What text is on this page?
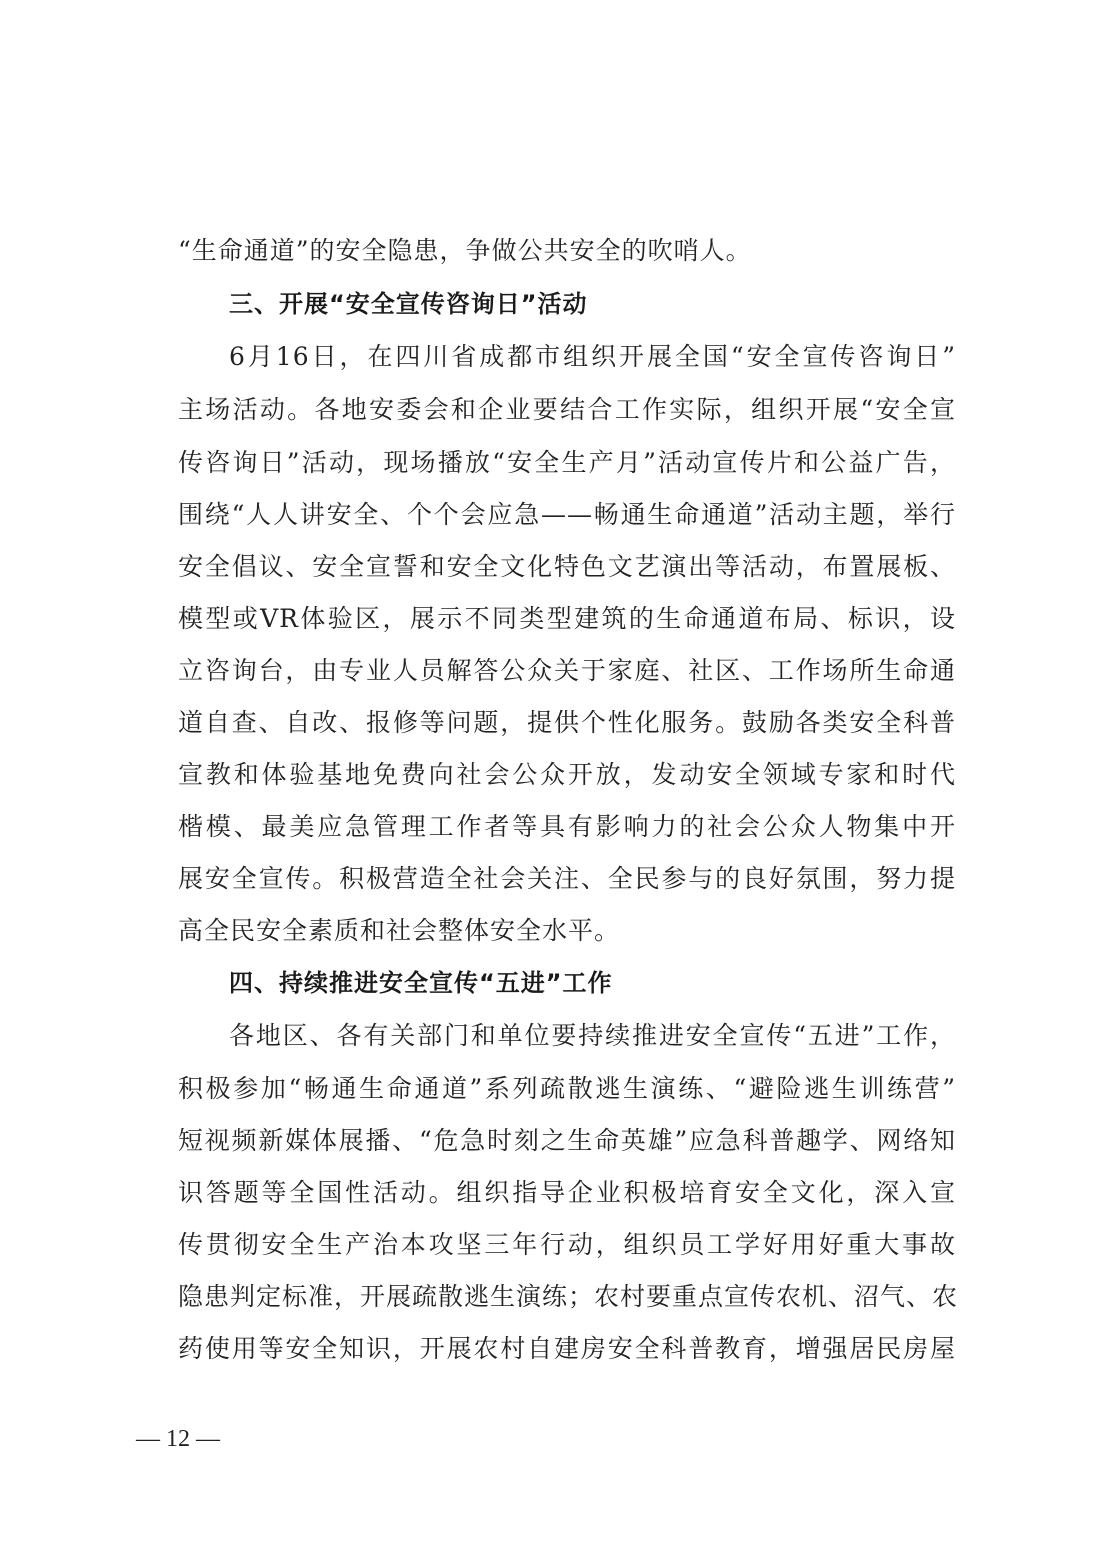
“生命通道”的安全隐患，争做公共安全的吹哨人。
三、开展“安全宣传咨询日”活动
6月16日，在四川省成都市组织开展全国“安全宣传咨询日”
主场活动。各地安委会和企业要结合工作实际，组织开展“安全宣
传咨询日”活动，现场播放“安全生产月”活动宣传片和公益广告，
围绕“人人讲安全、个个会应急——畅通生命通道”活动主题，举行
安全倡议、安全宣誓和安全文化特色文艺演出等活动，布置展板、
模型或VR体验区，展示不同类型建筑的生命通道布局、标识，设
立咨询台，由专业人员解答公众关于家庭、社区、工作场所生命通
道自查、自改、报修等问题，提供个性化服务。鼓励各类安全科普
宣教和体验基地免费向社会公众开放，发动安全领域专家和时代
楷模、最美应急管理工作者等具有影响力的社会公众人物集中开
展安全宣传。积极营造全社会关注、全民参与的良好氛围，努力提
高全民安全素质和社会整体安全水平。
四、持续推进安全宣传“五进”工作
各地区、各有关部门和单位要持续推进安全宣传“五进”工作，
积极参加“畅通生命通道”系列疏散逃生演练、“避险逃生训练营”
短视频新媒体展播、“危急时刻之生命英雄”应急科普趣学、网络知
识答题等全国性活动。组织指导企业积极培育安全文化，深入宣
传贯彻安全生产治本攻坚三年行动，组织员工学好用好重大事故
隐患判定标准，开展疏散逃生演练；农村要重点宣传农机、沼气、农
药使用等安全知识，开展农村自建房安全科普教育，增强居民房屋
— 12 —
